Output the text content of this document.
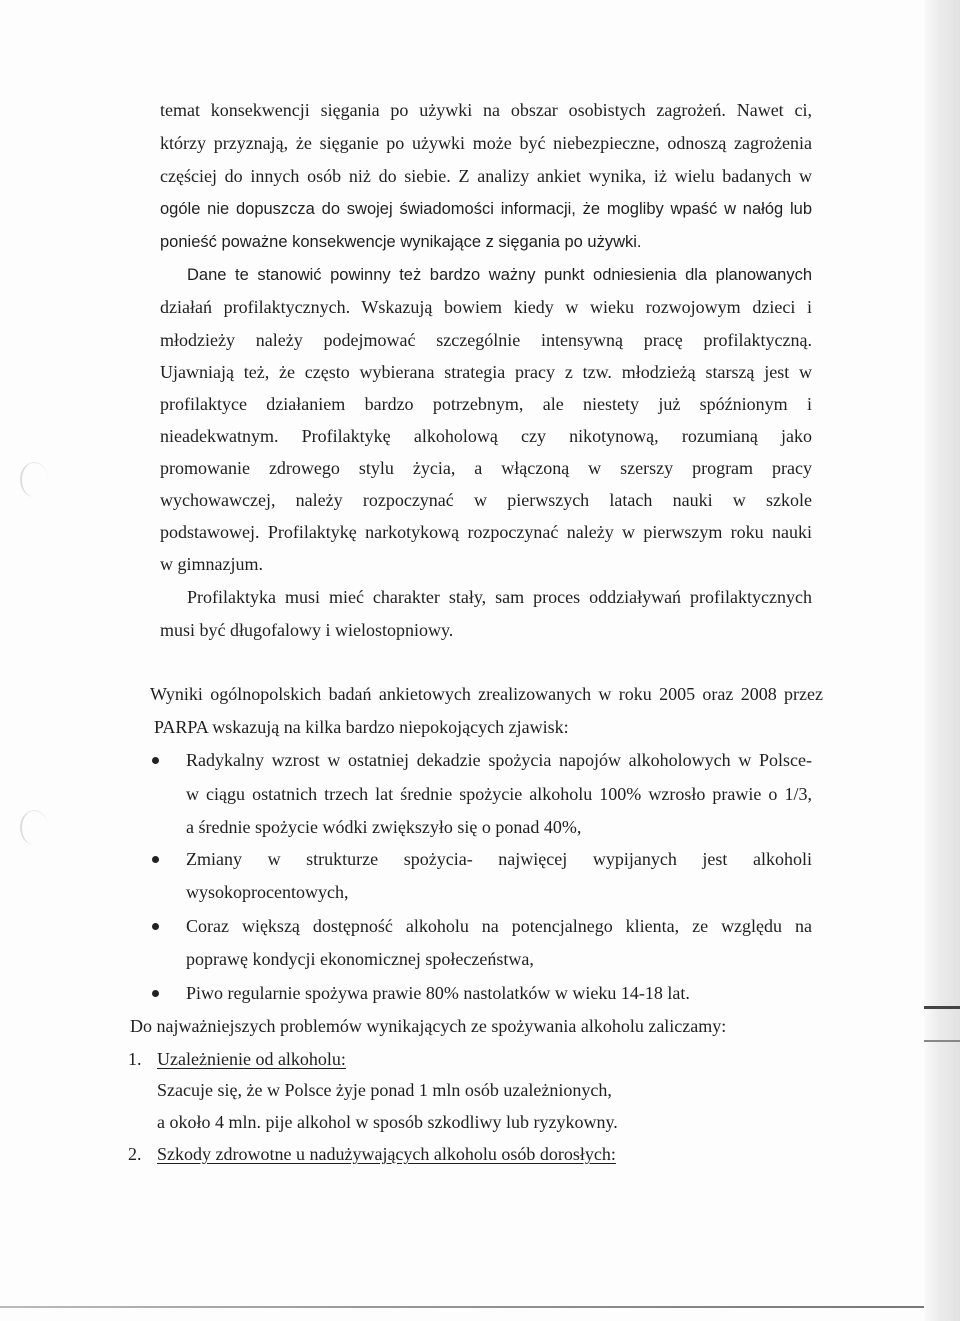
temat konsekwencji sięgania po używki na obszar osobistych zagrożeń. Nawet ci,
którzy przyznają, że sięganie po używki może być niebezpieczne, odnoszą zagrożenia
częściej do innych osób niż do siebie. Z analizy ankiet wynika, iż wielu badanych w
ogóle nie dopuszcza do swojej świadomości informacji, że mogliby wpaść w nałóg lub
ponieść poważne konsekwencje wynikające z sięgania po używki.
Dane te stanowić powinny też bardzo ważny punkt odniesienia dla planowanych
działań profilaktycznych. Wskazują bowiem kiedy w wieku rozwojowym dzieci i
młodzieży należy podejmować szczególnie intensywną pracę profilaktyczną.
Ujawniają też, że często wybierana strategia pracy z tzw. młodzieżą starszą jest w
profilaktyce działaniem bardzo potrzebnym, ale niestety już spóźnionym i
nieadekwatnym. Profilaktykę alkoholową czy nikotynową, rozumianą jako
promowanie zdrowego stylu życia, a włączoną w szerszy program pracy
wychowawczej, należy rozpoczynać w pierwszych latach nauki w szkole
podstawowej. Profilaktykę narkotykową rozpoczynać należy w pierwszym roku nauki
w gimnazjum.
Profilaktyka musi mieć charakter stały, sam proces oddziaływań profilaktycznych
musi być długofalowy i wielostopniowy.
Wyniki ogólnopolskich badań ankietowych zrealizowanych w roku 2005 oraz 2008 przez
PARPA wskazują na kilka bardzo niepokojących zjawisk:
Radykalny wzrost w ostatniej dekadzie spożycia napojów alkoholowych w Polsce-
w ciągu ostatnich trzech lat średnie spożycie alkoholu 100% wzrosło prawie o 1/3,
a średnie spożycie wódki zwiększyło się o ponad 40%,
Zmiany w strukturze spożycia- najwięcej wypijanych jest alkoholi
wysokoprocentowych,
Coraz większą dostępność alkoholu na potencjalnego klienta, ze względu na
poprawę kondycji ekonomicznej społeczeństwa,
Piwo regularnie spożywa prawie 80% nastolatków w wieku 14-18 lat.
Do najważniejszych problemów wynikających ze spożywania alkoholu zaliczamy:
1. Uzależnienie od alkoholu:
Szacuje się, że w Polsce żyje ponad 1 mln osób uzależnionych,
a około 4 mln. pije alkohol w sposób szkodliwy lub ryzykowny.
2. Szkody zdrowotne u nadużywających alkoholu osób dorosłych:
